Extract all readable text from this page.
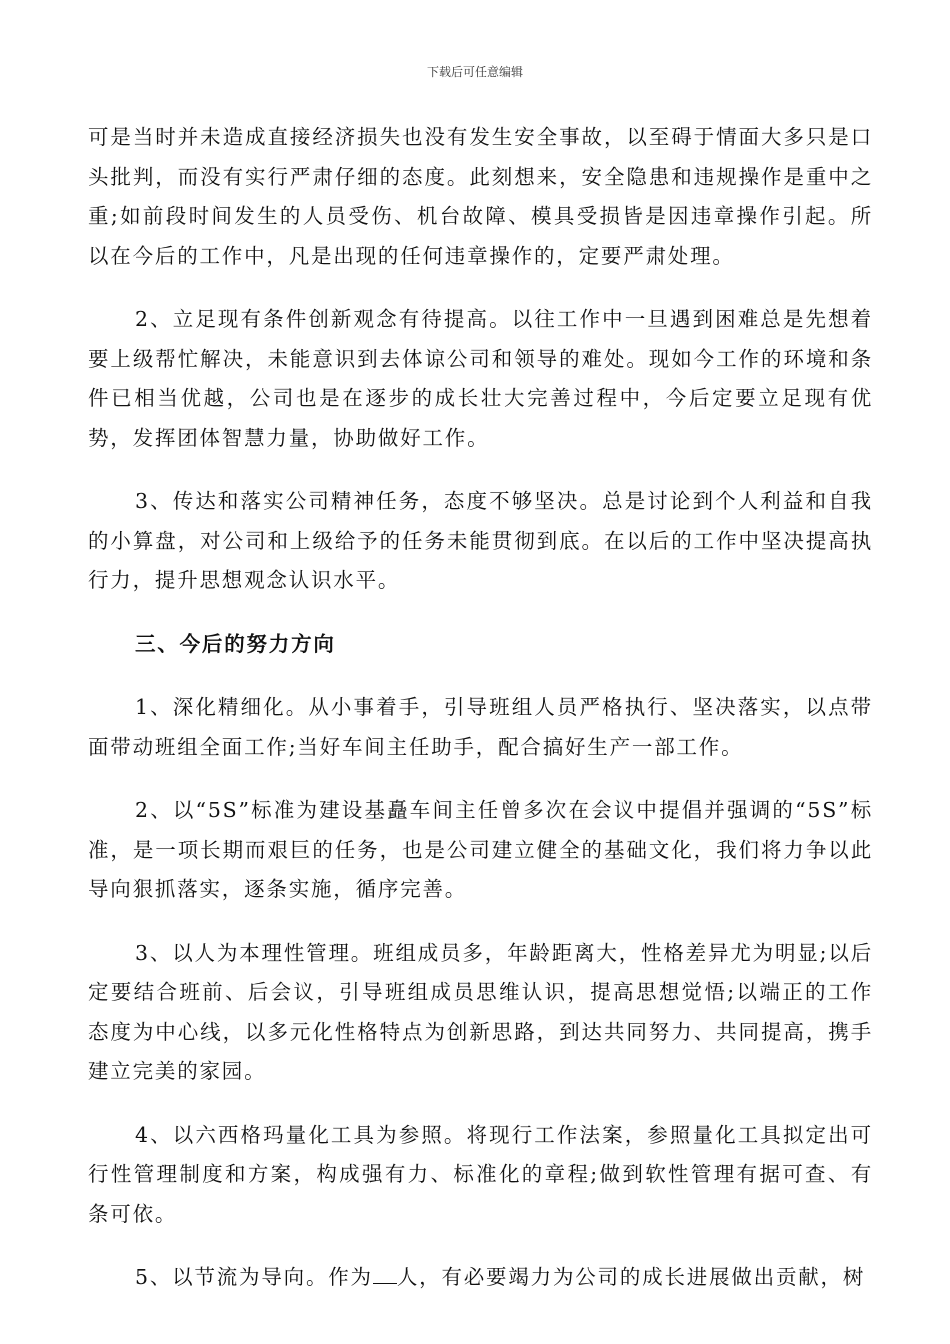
下载后可任意编辑

可是当时并未造成直接经济损失也没有发生安全事故，以至碍于情面大多只是口头批判，而没有实行严肃仔细的态度。此刻想来，安全隐患和违规操作是重中之重;如前段时间发生的人员受伤、机台故障、模具受损皆是因违章操作引起。所以在今后的工作中，凡是出现的任何违章操作的，定要严肃处理。

2、立足现有条件创新观念有待提高。以往工作中一旦遇到困难总是先想着要上级帮忙解决，未能意识到去体谅公司和领导的难处。现如今工作的环境和条件已相当优越，公司也是在逐步的成长壮大完善过程中，今后定要立足现有优势，发挥团体智慧力量，协助做好工作。

3、传达和落实公司精神任务，态度不够坚决。总是讨论到个人利益和自我的小算盘，对公司和上级给予的任务未能贯彻到底。在以后的工作中坚决提高执行力，提升思想观念认识水平。

三、今后的努力方向

1、深化精细化。从小事着手，引导班组人员严格执行、坚决落实，以点带面带动班组全面工作;当好车间主任助手，配合搞好生产一部工作。

2、以“5S”标准为建设基矗车间主任曾多次在会议中提倡并强调的“5S”标准，是一项长期而艰巨的任务，也是公司建立健全的基础文化，我们将力争以此导向狠抓落实，逐条实施，循序完善。

3、以人为本理性管理。班组成员多，年龄距离大，性格差异尤为明显;以后定要结合班前、后会议，引导班组成员思维认识，提高思想觉悟;以端正的工作态度为中心线，以多元化性格特点为创新思路，到达共同努力、共同提高，携手建立完美的家园。

4、以六西格玛量化工具为参照。将现行工作法案，参照量化工具拟定出可行性管理制度和方案，构成强有力、标准化的章程;做到软性管理有据可查、有条可依。

5、以节流为导向。作为 人，有必要竭力为公司的成长进展做出贡献，树
